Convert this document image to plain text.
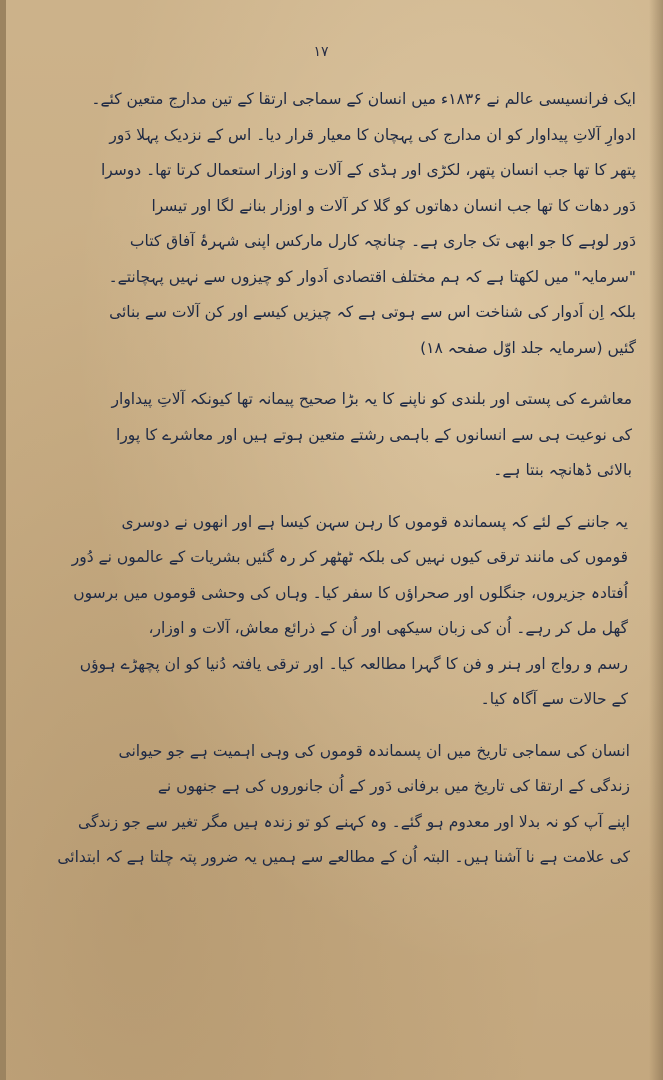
١٧

ایک فرانسیسی عالم نے ۱۸۳۶ء میں انسان کے سماجی ارتقا کے تین مدارج متعین کئے۔
ادوارِ آلاتِ پیداوار کو ان مدارج کی پہچان کا معیار قرار دیا۔ اس کے نزدیک پہلا دَور
پتھر کا تھا جب انسان پتھر، لکڑی اور ہڈی کے آلات و اوزار استعمال کرتا تھا۔ دوسرا
دَور دھات کا تھا جب انسان دھاتوں کو گلا کر آلات و اوزار بنانے لگا اور تیسرا
دَور لوہے کا جو ابھی تک جاری ہے۔ چنانچہ کارل مارکس اپنی شہرۂ آفاق کتاب
"سرمایہ" میں لکھتا ہے کہ ہم مختلف اقتصادی اَدوار کو چیزوں سے نہیں پہچانتے۔
بلکہ اِن اَدوار کی شناخت اس سے ہوتی ہے کہ چیزیں کیسے اور کن آلات سے بنائی
گئیں (سرمایہ جلد اوّل صفحہ ۱۸)

معاشرے کی پستی اور بلندی کو ناپنے کا یہ بڑا صحیح پیمانہ تھا کیونکہ آلاتِ پیداوار
کی نوعیت ہی سے انسانوں کے باہمی رشتے متعین ہوتے ہیں اور معاشرے کا پورا
بالائی ڈھانچہ بنتا ہے۔

یہ جاننے کے لئے کہ پسماندہ قوموں کا رہن سہن کیسا ہے اور انھوں نے دوسری
قوموں کی مانند ترقی کیوں نہیں کی بلکہ ٹھٹھر کر رہ گئیں بشریات کے عالموں نے دُور
اُفتادہ جزیروں، جنگلوں اور صحراؤں کا سفر کیا۔ وہاں کی وحشی قوموں میں برسوں
گھل مل کر رہے۔ اُن کی زبان سیکھی اور اُن کے ذرائع معاش، آلات و اوزار،
رسم و رواج اور ہنر و فن کا گہرا مطالعہ کیا۔ اور ترقی یافتہ دُنیا کو ان پچھڑے ہوؤں
کے حالات سے آگاہ کیا۔

انسان کی سماجی تاریخ میں ان پسماندہ قوموں کی وہی اہمیت ہے جو حیوانی
زندگی کے ارتقا کی تاریخ میں برفانی دَور کے اُن جانوروں کی ہے جنھوں نے
اپنے آپ کو نہ بدلا اور معدوم ہو گئے۔ وہ کہنے کو تو زندہ ہیں مگر تغیر سے جو زندگی
کی علامت ہے نا آشنا ہیں۔ البتہ اُن کے مطالعے سے ہمیں یہ ضرور پتہ چلتا ہے کہ ابتدائی
